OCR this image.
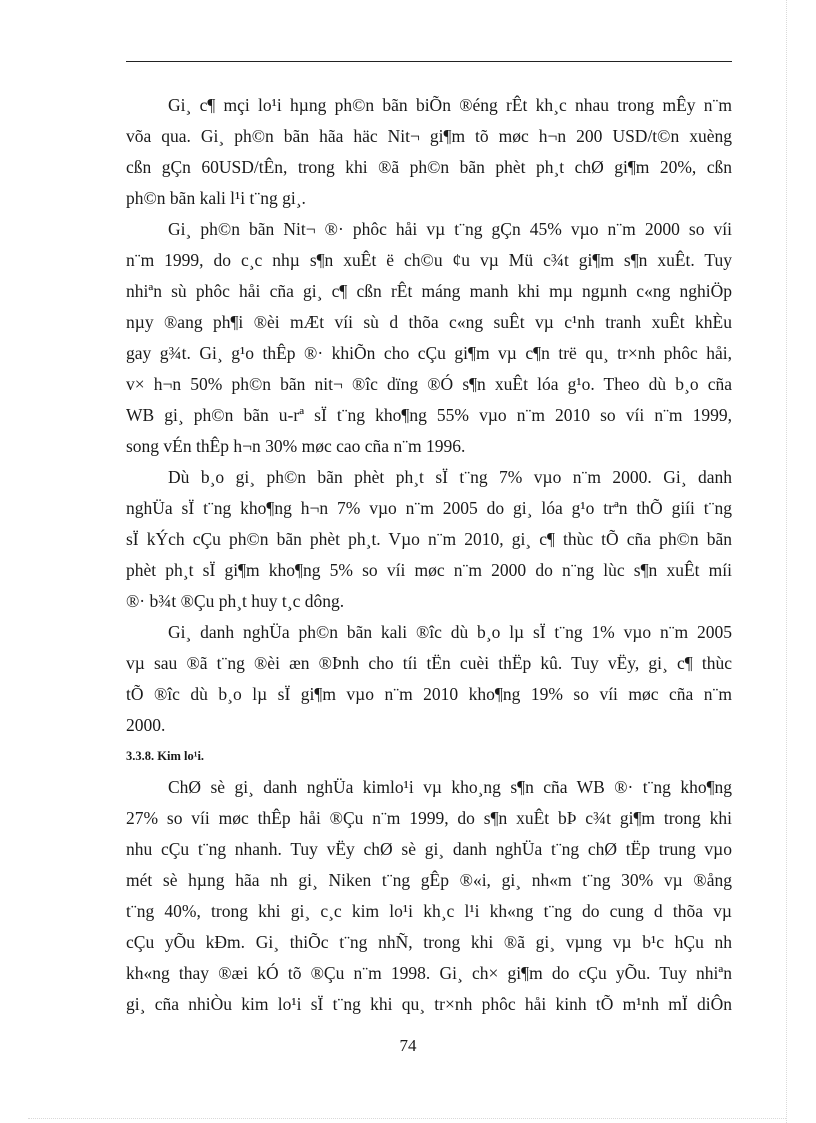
Gi¸ c¶ mçi lo¹i hµng ph©n bãn biÕn ®éng rÊt kh¸c nhau trong mÊy n¨m
võa qua. Gi¸ ph©n bãn hãa häc Nit¬ gi¶m tõ møc h¬n 200 USD/t©n xuèng
cßn gÇn 60USD/tÊn, trong khi ®ã ph©n bãn phèt ph¸t chØ gi¶m 20%, cßn
ph©n bãn kali l¹i t¨ng gi¸.
Gi¸ ph©n bãn Nit¬ ®· phôc håi vµ t¨ng gÇn 45% vµo n¨m 2000 so víi
n¨m 1999, do c¸c nhµ s¶n xuÊt ë ch©u ¢u vµ Mü c¾t gi¶m s¶n xuÊt. Tuy
nhiªn sù phôc håi cña gi¸ c¶ cßn rÊt máng manh khi mµ ngµnh c«ng nghiÖp
nµy ®ang ph¶i ®èi mÆt víi sù d thõa c«ng suÊt vµ c¹nh tranh xuÊt khÈu
gay g¾t. Gi¸ g¹o thÊp ®· khiÕn cho cÇu gi¶m vµ c¶n trë qu¸ tr×nh phôc håi,
v× h¬n 50% ph©n bãn nit¬ ®îc dïng ®Ó s¶n xuÊt lóa g¹o. Theo dù b¸o cña
WB gi¸ ph©n bãn u-rª sÏ t¨ng kho¶ng 55% vµo n¨m 2010 so víi n¨m 1999,
song vÉn thÊp h¬n 30% møc cao cña n¨m 1996.
Dù b¸o gi¸ ph©n bãn phèt ph¸t sÏ t¨ng 7% vµo n¨m 2000. Gi¸ danh
nghÜa sÏ t¨ng kho¶ng h¬n 7% vµo n¨m 2005 do gi¸ lóa g¹o trªn thÕ giíi t¨ng
sÏ kÝch cÇu ph©n bãn phèt ph¸t. Vµo n¨m 2010, gi¸ c¶ thùc tÕ cña ph©n bãn
phèt ph¸t sÏ gi¶m kho¶ng 5% so víi møc n¨m 2000 do n¨ng lùc s¶n xuÊt míi
®· b¾t ®Çu ph¸t huy t¸c dông.
Gi¸ danh nghÜa ph©n bãn kali ®îc dù b¸o lµ sÏ t¨ng 1% vµo n¨m 2005
vµ sau ®ã t¨ng ®èi æn ®Þnh cho tíi tËn cuèi thËp kû. Tuy vËy, gi¸ c¶ thùc
tÕ ®îc dù b¸o lµ sÏ gi¶m vµo n¨m 2010 kho¶ng 19% so víi møc cña n¨m
2000.
3.3.8. Kim lo¹i.
ChØ sè gi¸ danh nghÜa kimlo¹i vµ kho¸ng s¶n cña WB ®· t¨ng kho¶ng
27% so víi møc thÊp håi ®Çu n¨m 1999, do s¶n xuÊt bÞ c¾t gi¶m trong khi
nhu cÇu t¨ng nhanh. Tuy vËy chØ sè gi¸ danh nghÜa t¨ng chØ tËp trung vµo
mét sè hµng hãa nh gi¸ Niken t¨ng gÊp ®«i, gi¸ nh«m t¨ng 30% vµ ®ång
t¨ng 40%, trong khi gi¸ c¸c kim lo¹i kh¸c l¹i kh«ng t¨ng do cung d thõa vµ
cÇu yÕu kÐm. Gi¸ thiÕc t¨ng nhÑ, trong khi ®ã gi¸ vµng vµ b¹c hÇu nh
kh«ng thay ®æi kÓ tõ ®Çu n¨m 1998. Gi¸ ch× gi¶m do cÇu yÕu. Tuy nhiªn
gi¸ cña nhiÒu kim lo¹i sÏ t¨ng khi qu¸ tr×nh phôc håi kinh tÕ m¹nh mÏ diÔn
74
